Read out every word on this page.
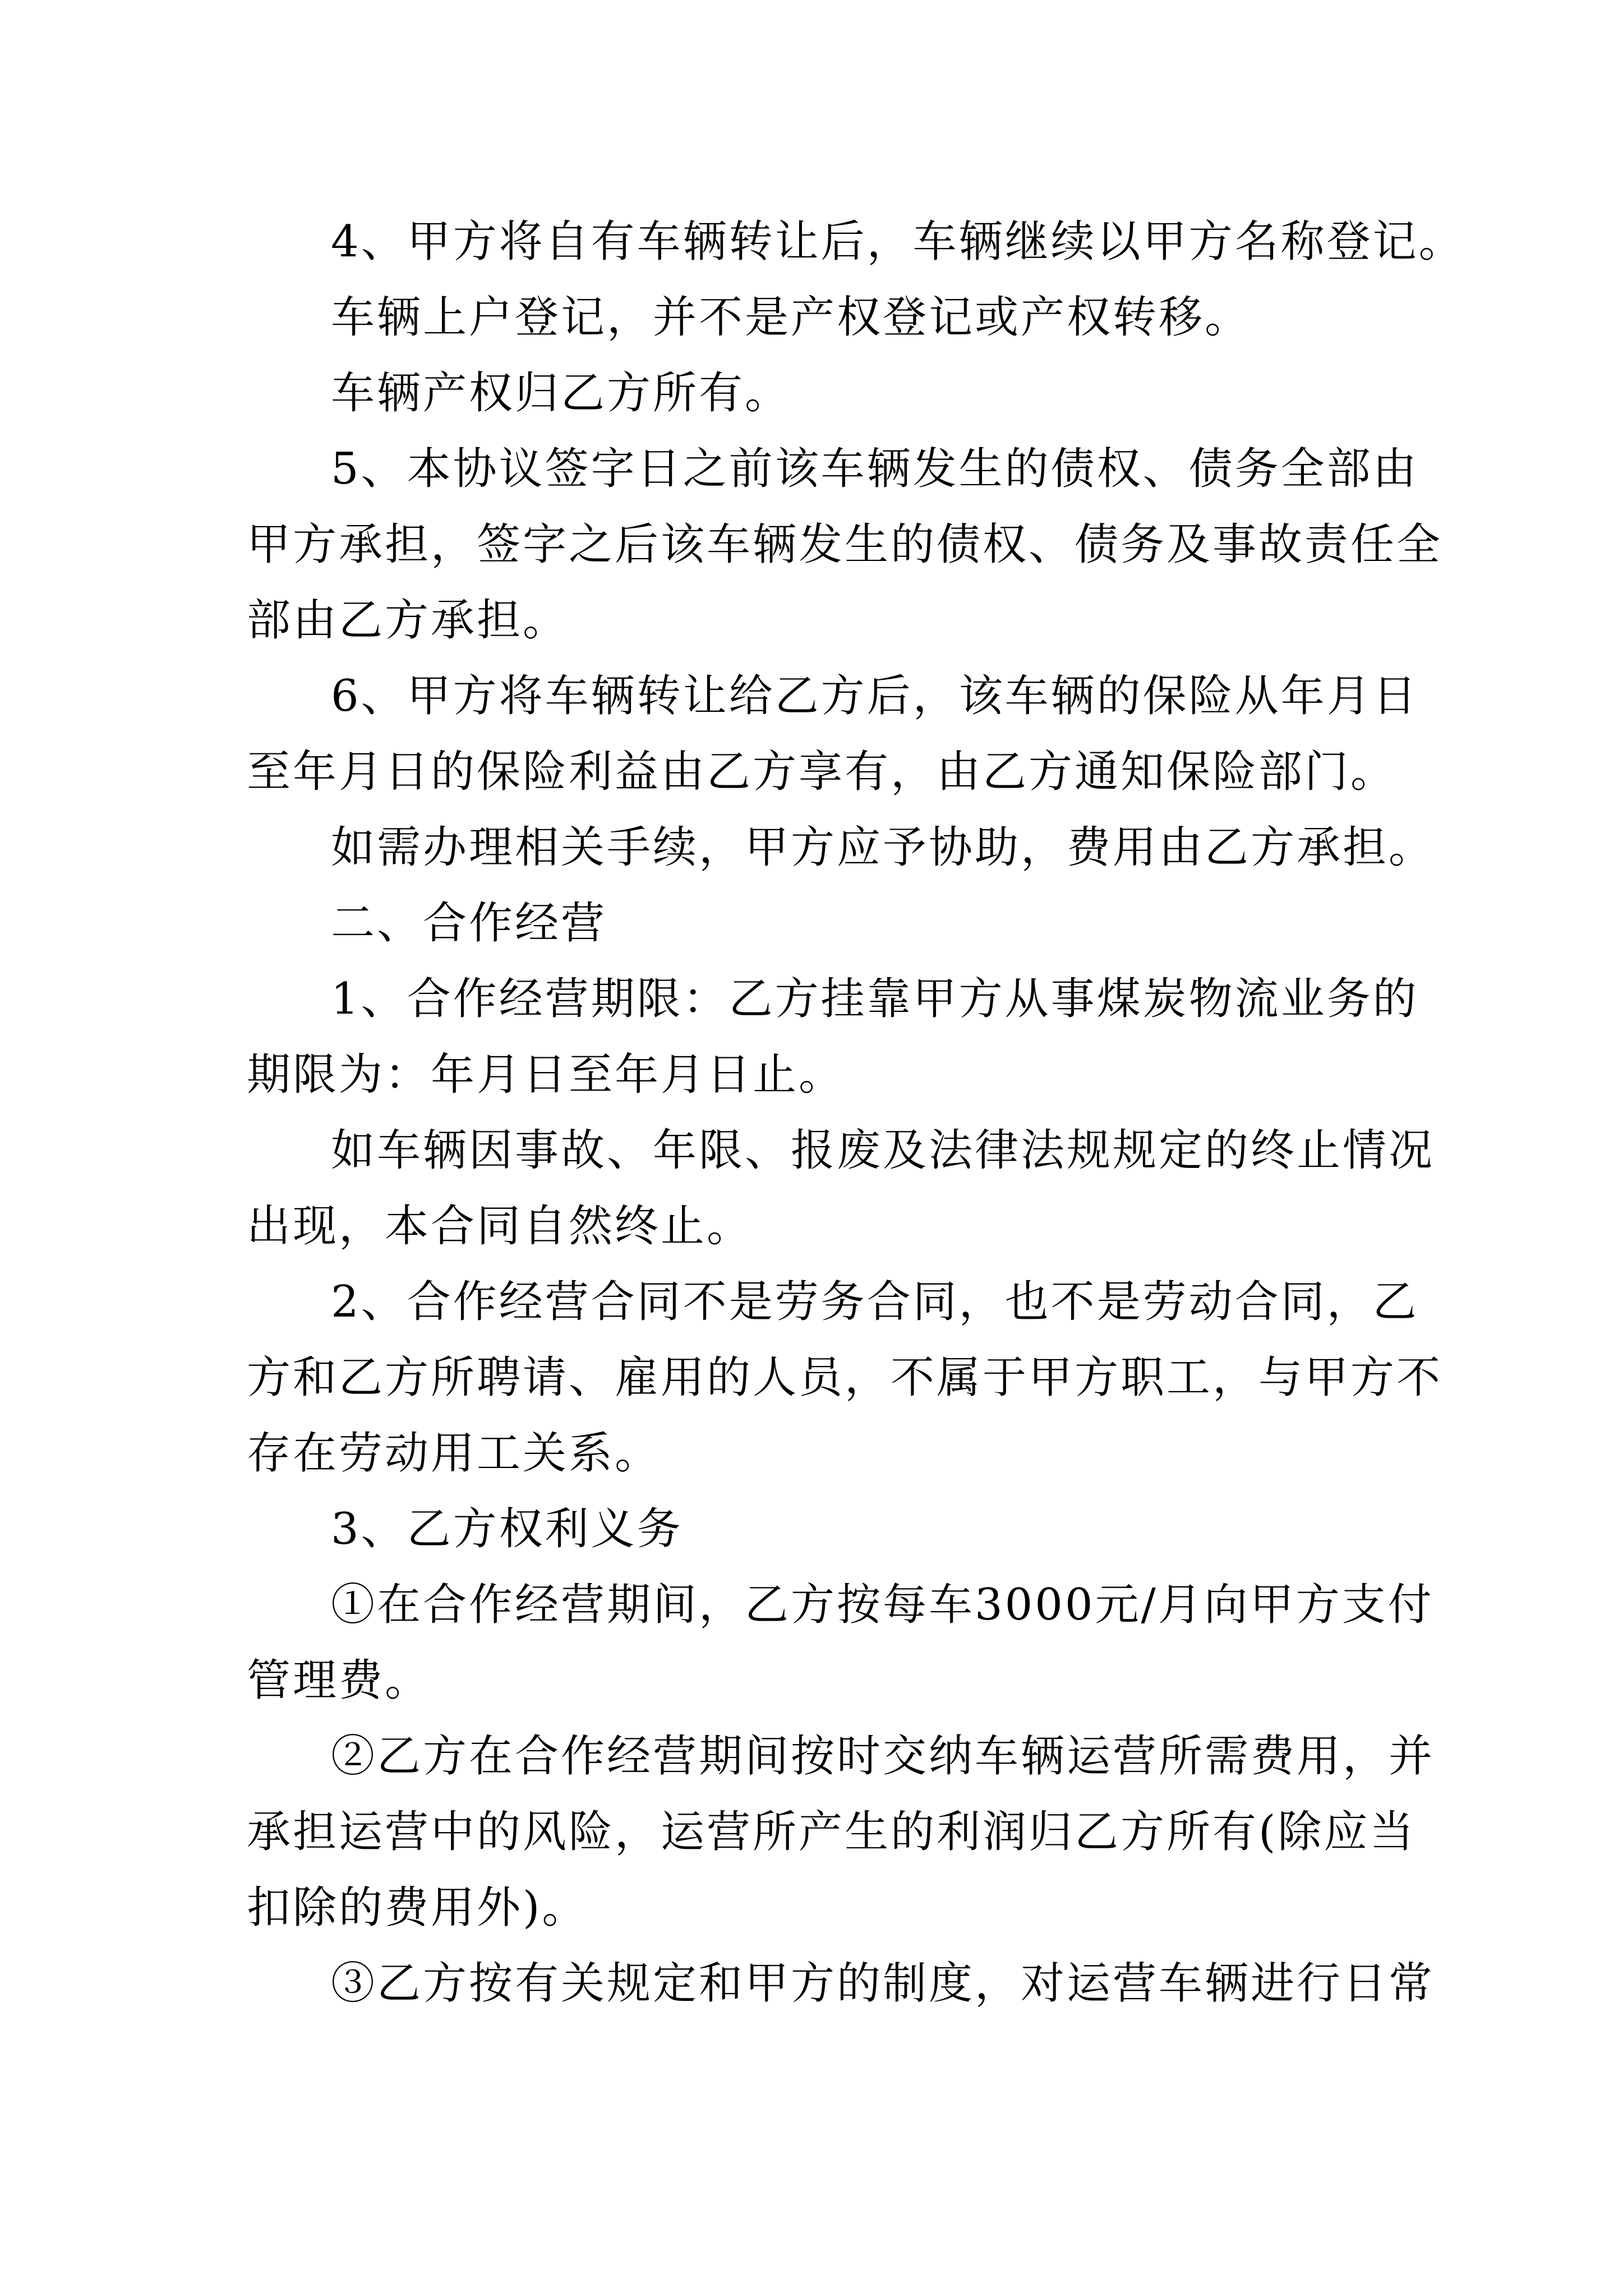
4、甲方将自有车辆转让后，车辆继续以甲方名称登记。

车辆上户登记，并不是产权登记或产权转移。

车辆产权归乙方所有。

5、本协议签字日之前该车辆发生的债权、债务全部由

甲方承担，签字之后该车辆发生的债权、债务及事故责任全

部由乙方承担。

6、甲方将车辆转让给乙方后，该车辆的保险从年月日

至年月日的保险利益由乙方享有，由乙方通知保险部门。

如需办理相关手续，甲方应予协助，费用由乙方承担。

二、合作经营

1、合作经营期限：乙方挂靠甲方从事煤炭物流业务的

期限为：年月日至年月日止。

如车辆因事故、年限、报废及法律法规规定的终止情况

出现，本合同自然终止。

2、合作经营合同不是劳务合同，也不是劳动合同，乙

方和乙方所聘请、雇用的人员，不属于甲方职工，与甲方不

存在劳动用工关系。

3、乙方权利义务

①在合作经营期间，乙方按每车3000元/月向甲方支付

管理费。

②乙方在合作经营期间按时交纳车辆运营所需费用，并

承担运营中的风险，运营所产生的利润归乙方所有(除应当

扣除的费用外)。

③乙方按有关规定和甲方的制度，对运营车辆进行日常
